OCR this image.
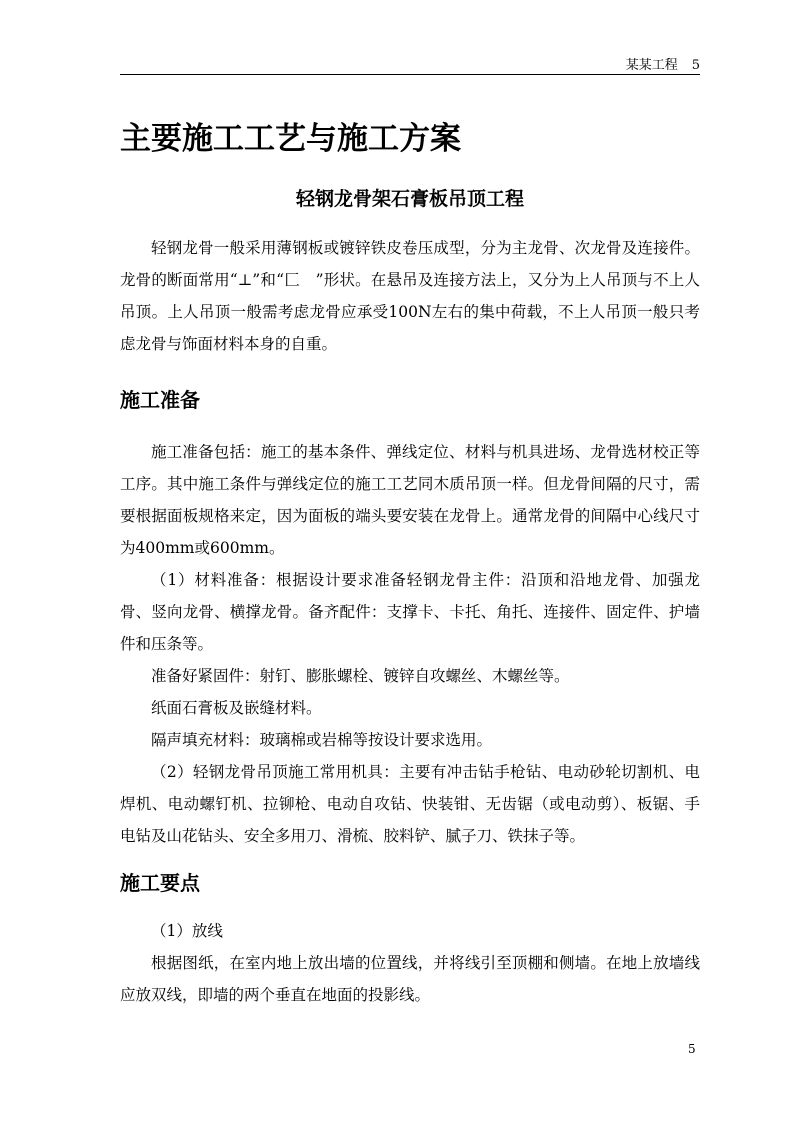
某某工程 5
主要施工工艺与施工方案
轻钢龙骨架石膏板吊顶工程

轻钢龙骨一般采用薄钢板或镀锌铁皮卷压成型，分为主龙骨、次龙骨及连接件。龙骨的断面常用“⊥”和“匚　”形状。在悬吊及连接方法上，又分为上人吊顶与不上人吊顶。上人吊顶一般需考虑龙骨应承受100N左右的集中荷载，不上人吊顶一般只考虑龙骨与饰面材料本身的自重。

施工准备

施工准备包括：施工的基本条件、弹线定位、材料与机具进场、龙骨选材校正等工序。其中施工条件与弹线定位的施工工艺同木质吊顶一样。但龙骨间隔的尺寸，需要根据面板规格来定，因为面板的端头要安装在龙骨上。通常龙骨的间隔中心线尺寸为400mm或600mm。

（1）材料准备：根据设计要求准备轻钢龙骨主件：沿顶和沿地龙骨、加强龙骨、竖向龙骨、横撑龙骨。备齐配件：支撑卡、卡托、角托、连接件、固定件、护墙件和压条等。

准备好紧固件：射钉、膨胀螺栓、镀锌自攻螺丝、木螺丝等。

纸面石膏板及嵌缝材料。

隔声填充材料：玻璃棉或岩棉等按设计要求选用。

（2）轻钢龙骨吊顶施工常用机具：主要有冲击钻手枪钻、电动砂轮切割机、电焊机、电动螺钉机、拉铆枪、电动自攻钻、快装钳、无齿锯（或电动剪）、板锯、手电钻及山花钻头、安全多用刀、滑梳、胶料铲、腻子刀、铁抹子等。

施工要点

（1）放线

根据图纸，在室内地上放出墙的位置线，并将线引至顶棚和侧墙。在地上放墙线应放双线，即墙的两个垂直在地面的投影线。

5
